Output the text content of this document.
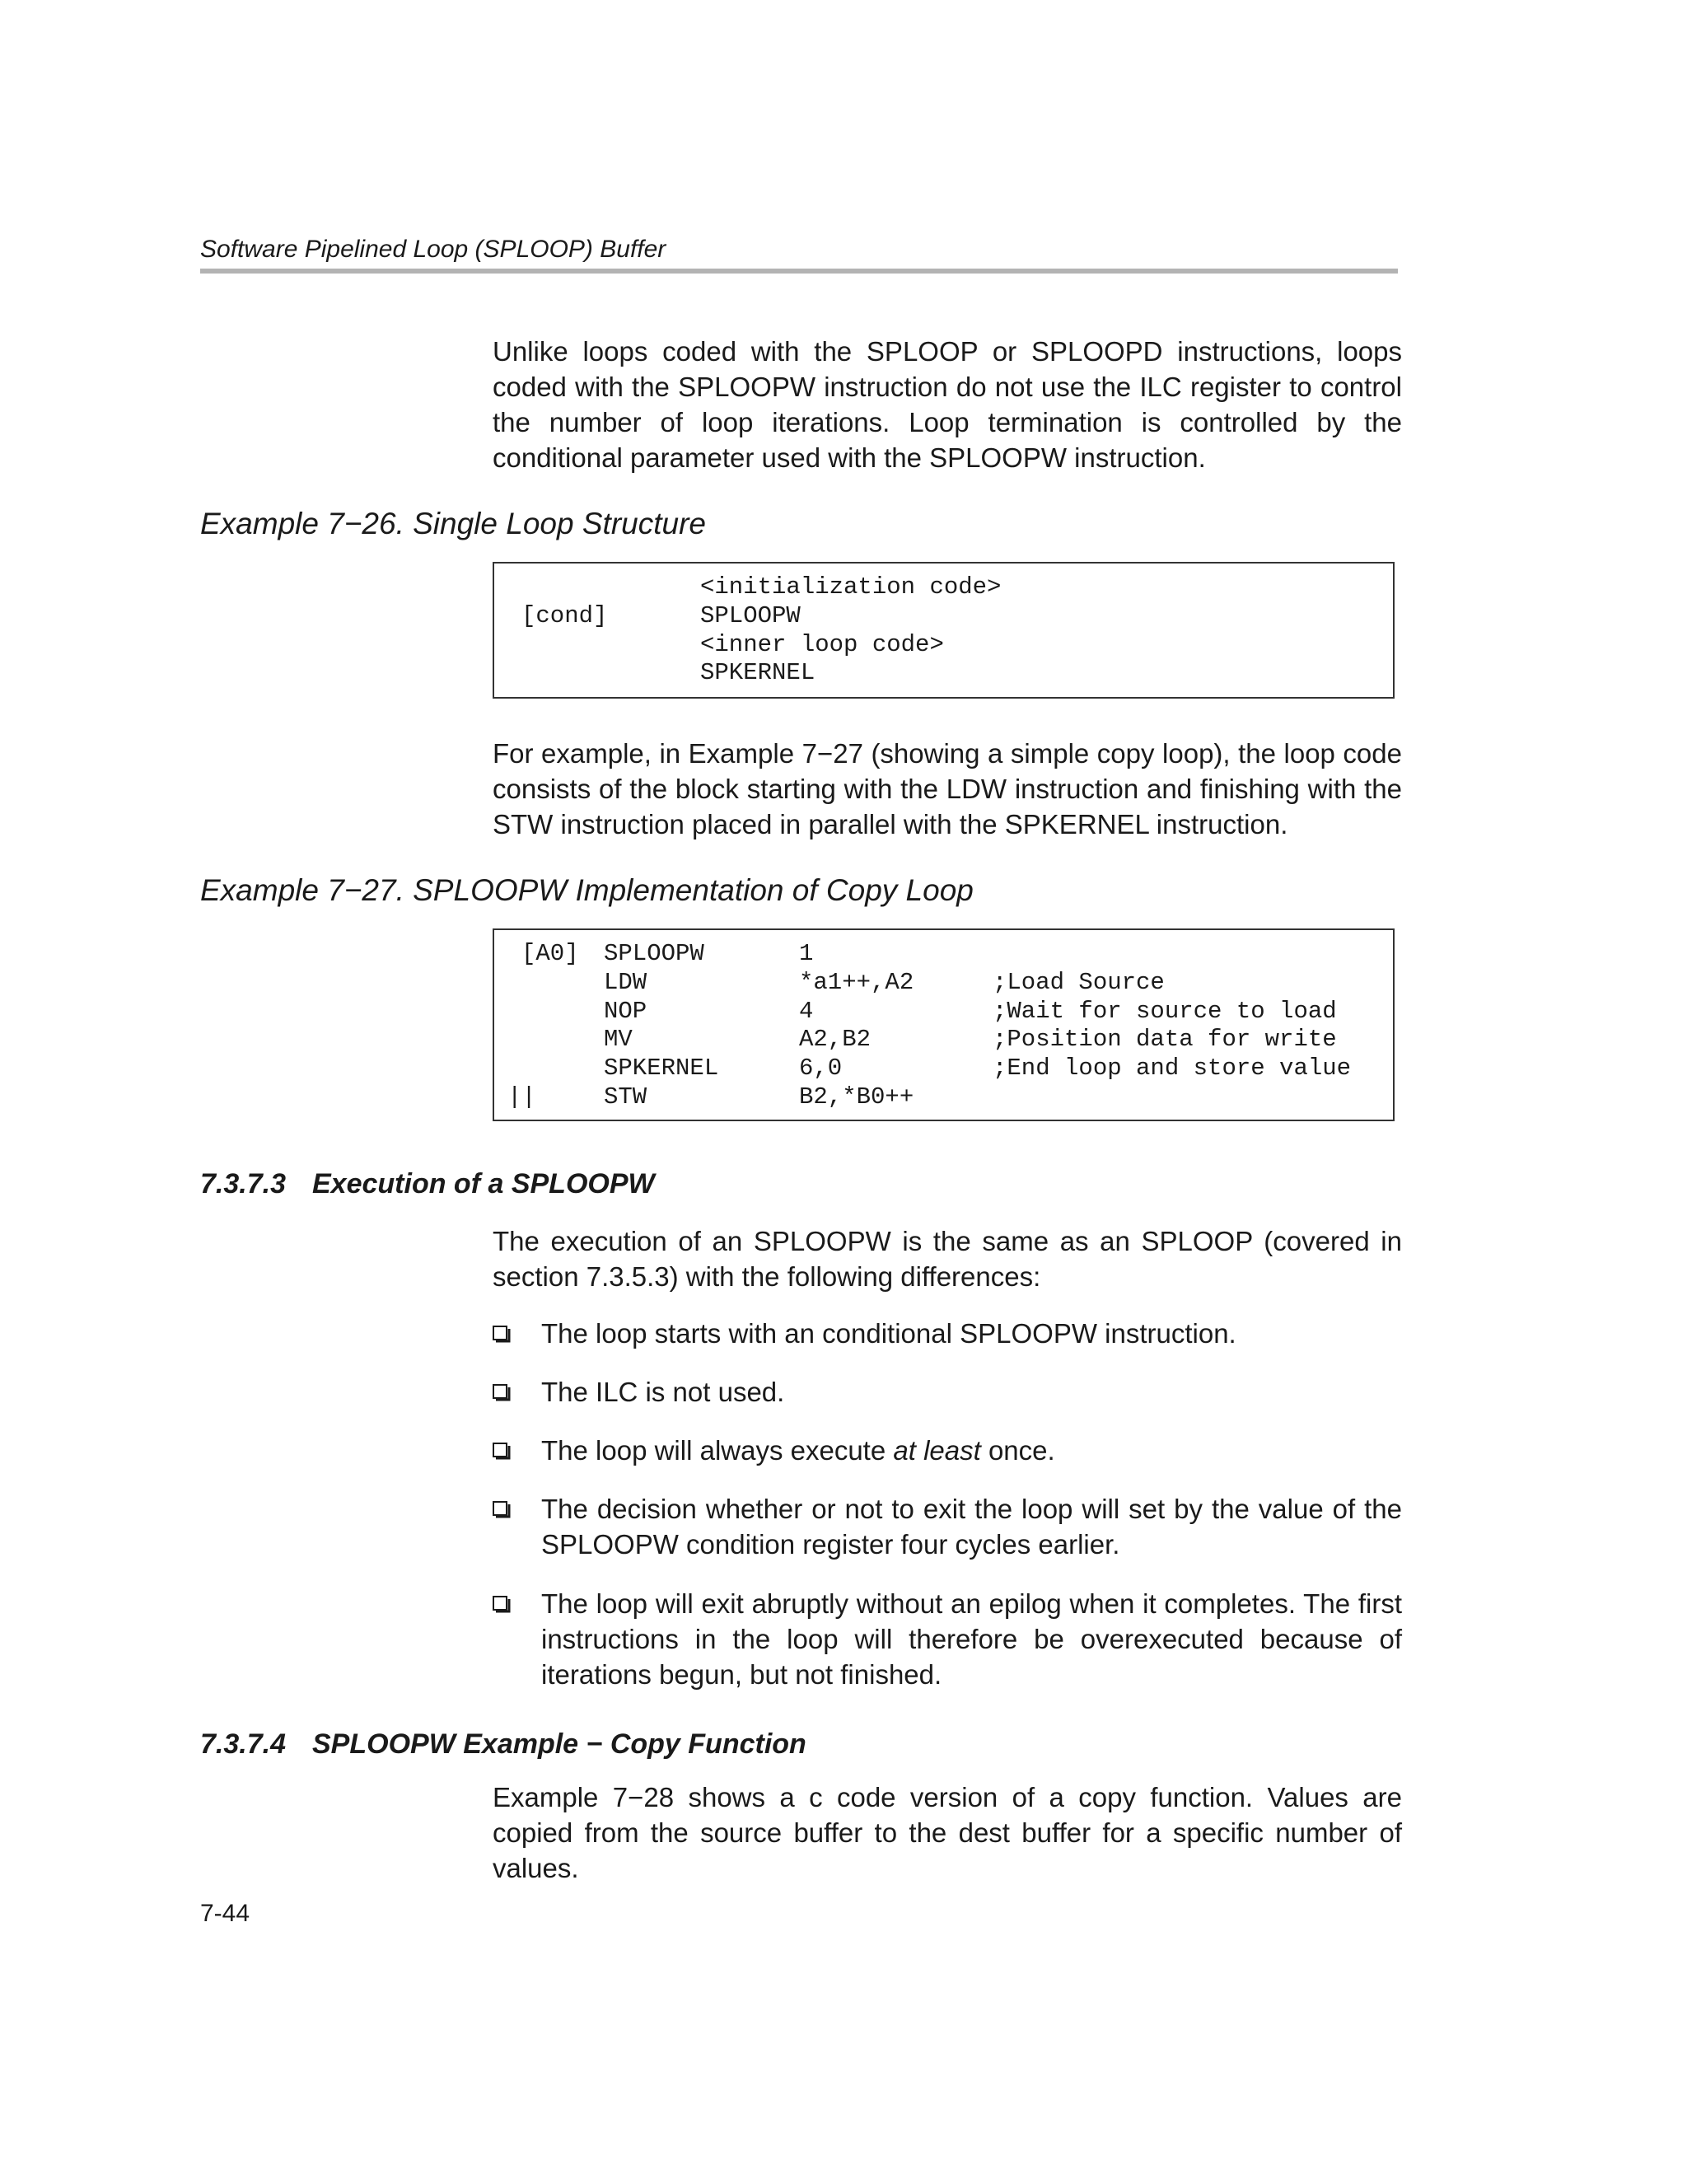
Software Pipelined Loop (SPLOOP) Buffer
Unlike loops coded with the SPLOOP or SPLOOPD instructions, loops coded with the SPLOOPW instruction do not use the ILC register to control the number of loop iterations. Loop termination is controlled by the conditional parameter used with the SPLOOPW instruction.
Example 7−26. Single Loop Structure
<initialization code>
[cond]	SPLOOPW
<inner loop code>
SPKERNEL
For example, in Example 7−27 (showing a simple copy loop), the loop code consists of the block starting with the LDW instruction and finishing with the STW instruction placed in parallel with the SPKERNEL instruction.
Example 7−27. SPLOOPW Implementation of Copy Loop
[A0] SPLOOPW	1
LDW	*a1++,A2	;Load Source
NOP	4	;Wait for source to load
MV	A2,B2	;Position data for write
SPKERNEL	6,0	;End loop and store value
||	STW	B2,*B0++
7.3.7.3 Execution of a SPLOOPW
The execution of an SPLOOPW is the same as an SPLOOP (covered in section 7.3.5.3) with the following differences:
The loop starts with an conditional SPLOOPW instruction.
The ILC is not used.
The loop will always execute at least once.
The decision whether or not to exit the loop will set by the value of the SPLOOPW condition register four cycles earlier.
The loop will exit abruptly without an epilog when it completes. The first instructions in the loop will therefore be overexecuted because of iterations begun, but not finished.
7.3.7.4 SPLOOPW Example − Copy Function
Example 7−28 shows a c code version of a copy function. Values are copied from the source buffer to the dest buffer for a specific number of values.
7-44
